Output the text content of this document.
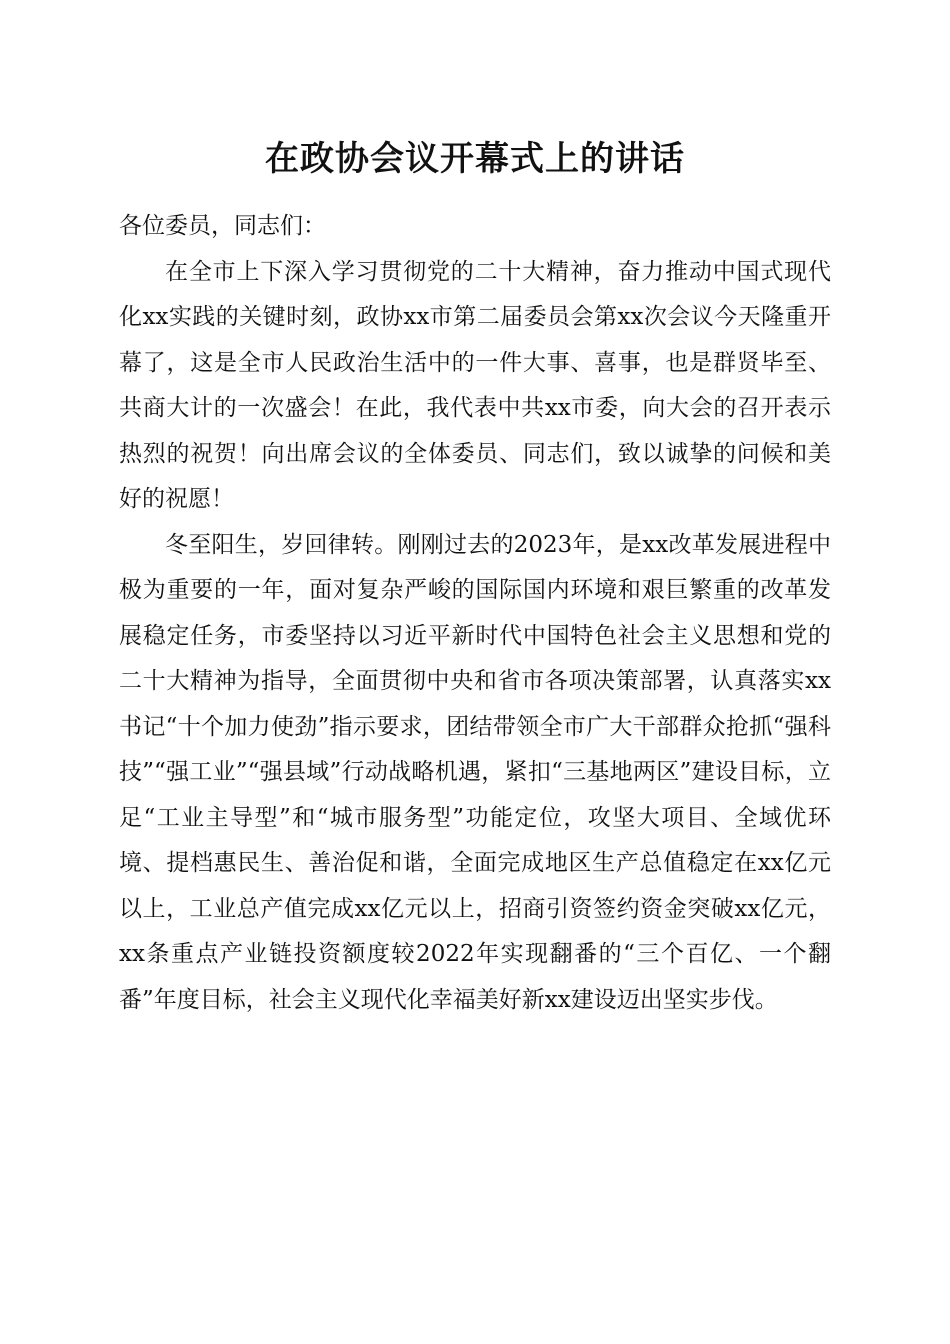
在政协会议开幕式上的讲话

各位委员，同志们：

在全市上下深入学习贯彻党的二十大精神，奋力推动中国式现代化xx实践的关键时刻，政协xx市第二届委员会第xx次会议今天隆重开幕了，这是全市人民政治生活中的一件大事、喜事，也是群贤毕至、共商大计的一次盛会！在此，我代表中共xx市委，向大会的召开表示热烈的祝贺！向出席会议的全体委员、同志们，致以诚挚的问候和美好的祝愿！

冬至阳生，岁回律转。刚刚过去的2023年，是xx改革发展进程中极为重要的一年，面对复杂严峻的国际国内环境和艰巨繁重的改革发展稳定任务，市委坚持以习近平新时代中国特色社会主义思想和党的二十大精神为指导，全面贯彻中央和省市各项决策部署，认真落实xx书记“十个加力使劲”指示要求，团结带领全市广大干部群众抢抓“强科技”“强工业”“强县域”行动战略机遇，紧扣“三基地两区”建设目标，立足“工业主导型”和“城市服务型”功能定位，攻坚大项目、全域优环境、提档惠民生、善治促和谐，全面完成地区生产总值稳定在xx亿元以上，工业总产值完成xx亿元以上，招商引资签约资金突破xx亿元，xx条重点产业链投资额度较2022年实现翻番的“三个百亿、一个翻番”年度目标，社会主义现代化幸福美好新xx建设迈出坚实步伐。
